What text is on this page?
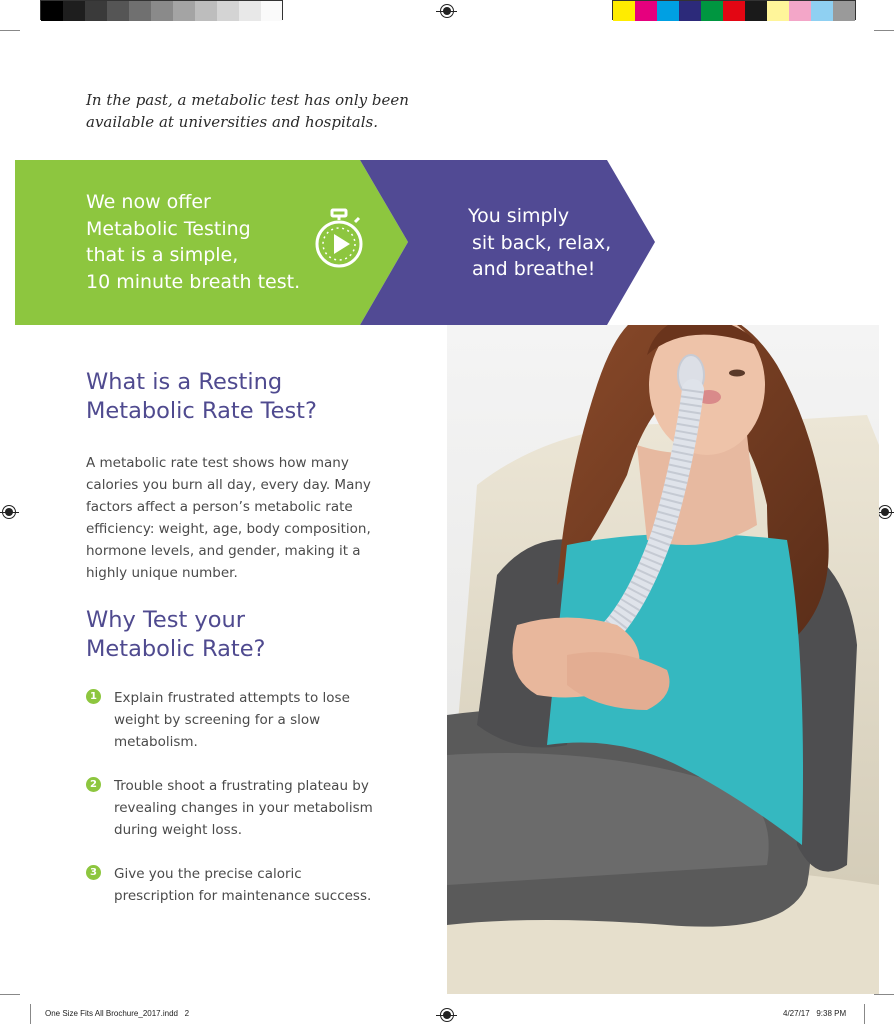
In the past, a metabolic test has only been
available at universities and hospitals.
We now offer
Metabolic Testing
that is a simple,
10 minute breath test.
You simply
sit back, relax,
and breathe!
What is a Resting
Metabolic Rate Test?
A metabolic rate test shows how many
calories you burn all day, every day. Many
factors affect a person’s metabolic rate
efficiency: weight, age, body composition,
hormone levels, and gender, making it a
highly unique number.
Why Test your
Metabolic Rate?
1 Explain frustrated attempts to lose
weight by screening for a slow
metabolism.
2 Trouble shoot a frustrating plateau by
revealing changes in your metabolism
during weight loss.
3 Give you the precise caloric
prescription for maintenance success.
One Size Fits All Brochure_2017.indd   2	4/27/17   9:38 PM
